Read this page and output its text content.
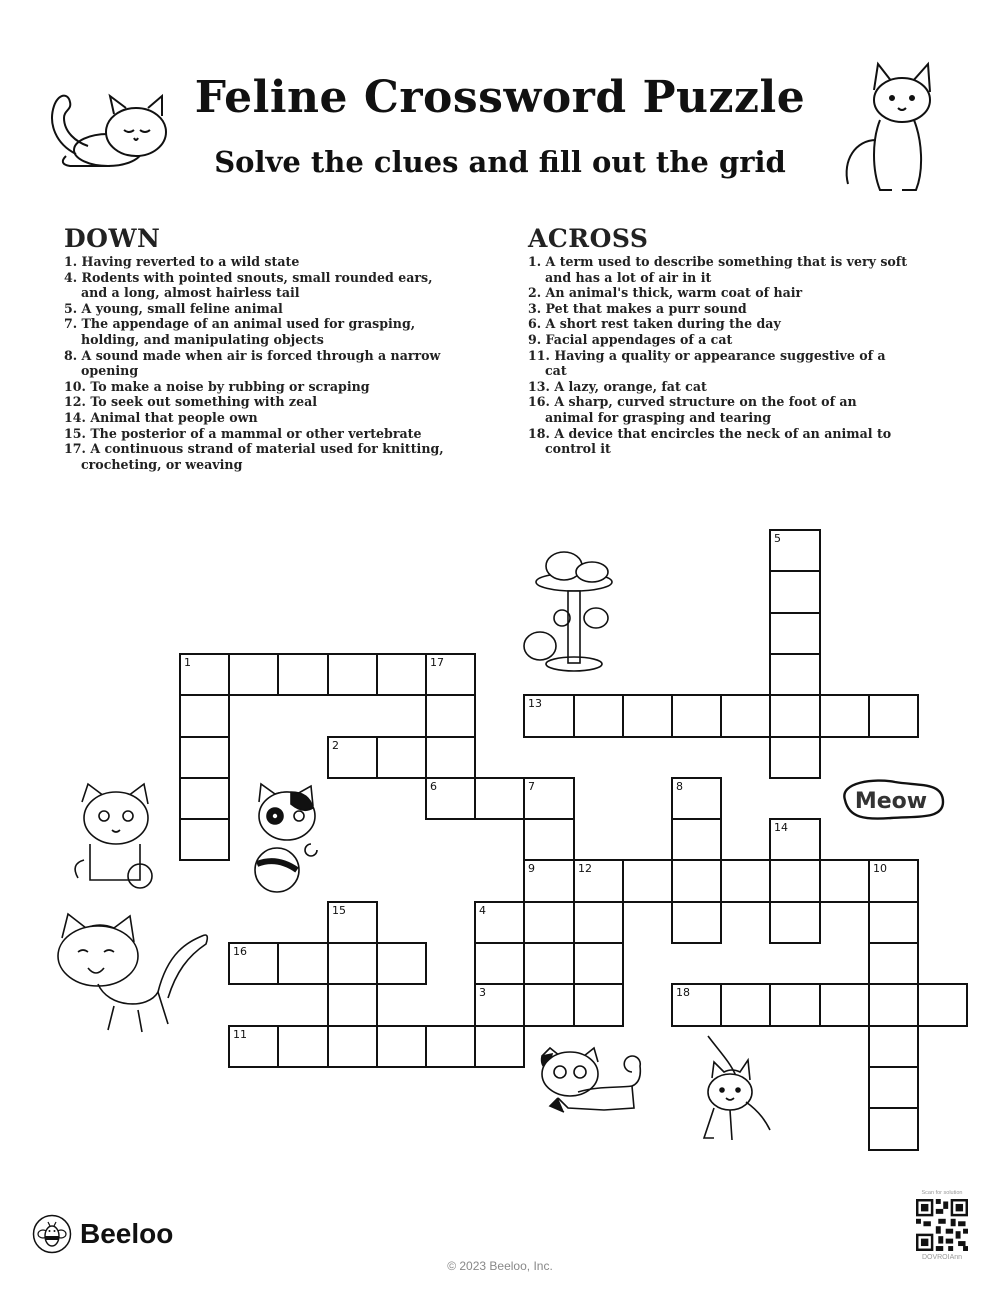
Feline Crossword Puzzle
Solve the clues and fill out the grid
DOWN
1. Having reverted to a wild state
4. Rodents with pointed snouts, small rounded ears, and a long, almost hairless tail
5. A young, small feline animal
7. The appendage of an animal used for grasping, holding, and manipulating objects
8. A sound made when air is forced through a narrow opening
10. To make a noise by rubbing or scraping
12. To seek out something with zeal
14. Animal that people own
15. The posterior of a mammal or other vertebrate
17. A continuous strand of material used for knitting, crocheting, or weaving
ACROSS
1. A term used to describe something that is very soft and has a lot of air in it
2. An animal's thick, warm coat of hair
3. Pet that makes a purr sound
6. A short rest taken during the day
9. Facial appendages of a cat
11. Having a quality or appearance suggestive of a cat
13. A lazy, orange, fat cat
16. A sharp, curved structure on the foot of an animal for grasping and tearing
18. A device that encircles the neck of an animal to control it
5
13
1	17
6
2
7
9
8
12	10
14
4
3
15
16
18
11
Meow
Beeloo
© 2023 Beeloo, Inc.
Scan for solution
DOVROIAnn
